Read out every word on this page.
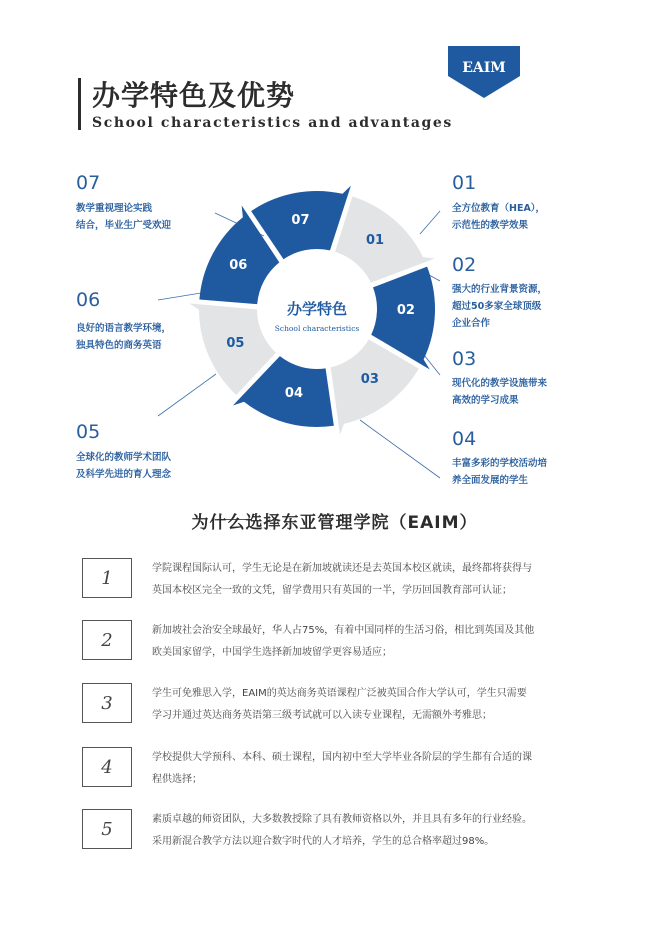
办学特色及优势
School characteristics and advantages
EAIM
办学特色
School characteristics
01
02
03
04
05
06
07
07
教学重视理论实践
结合，毕业生广受欢迎
06
良好的语言教学环境，
独具特色的商务英语
05
全球化的教师学术团队
及科学先进的育人理念
01
全方位教育（HEA），
示范性的教学效果
02
强大的行业背景资源，
超过50多家全球顶级
企业合作
03
现代化的教学设施带来
高效的学习成果
04
丰富多彩的学校活动培
养全面发展的学生
为什么选择东亚管理学院（EAIM）
1	学院课程国际认可，学生无论是在新加坡就读还是去英国本校区就读，最终都将获得与
英国本校区完全一致的文凭，留学费用只有英国的一半，学历回国教育部可认证；
2	新加坡社会治安全球最好，华人占75%，有着中国同样的生活习俗，相比到英国及其他
欧美国家留学，中国学生选择新加坡留学更容易适应；
3	学生可免雅思入学，EAIM的英达商务英语课程广泛被英国合作大学认可，学生只需要
学习并通过英达商务英语第三级考试就可以入读专业课程，无需额外考雅思；
4	学校提供大学预科、本科、硕士课程，国内初中至大学毕业各阶层的学生都有合适的课
程供选择；
5	素质卓越的师资团队，大多数教授除了具有教师资格以外，并且具有多年的行业经验。
采用新混合教学方法以迎合数字时代的人才培养，学生的总合格率超过98%。
